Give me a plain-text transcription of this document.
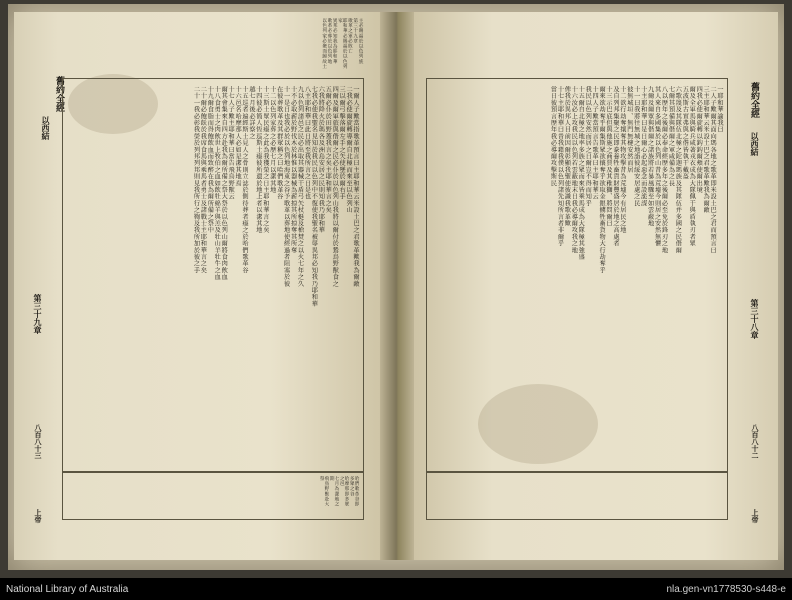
主必賜福於以色列族
第三十九章
歌革之軍必敗亡
耶和華必賜福於以色列家
異邦必知我為耶和華
歌革必葬於以色列地
以色列家必聚而歸故土
舊約全經
以西結
第三十九章
八百八十三
上帝
一爾人子歟當指歌革預言曰主耶和華云米設土巴之君歌革歟我為爾敵
二我必使爾旋轉導爾自北極而來至以色列山
三以爾弓擊落爾左手之矢使墜於爾右手
四爾及爾軍旅與偕爾之民必仆於以色列山我將以爾付於鷙鳥野獸食之
五爾必仆於田野蓋我言之矣主耶和華言之矣
六我將降火於瑪各及洲島安居之民則知我乃耶和華
七我必使我聖名見知於我民以色列中不復使我聖名被辱異邦必知我乃耶和華
八主耶和華曰此日將至我所言之日是也
九以色列諸邑之民必出取其器械干盾弓矢杖梃及槍焚之以火七年之久
十不必取薪於野伐木於林惟以器械為薪掠其所掠奪其所奪
十一是日也我必於以色列地海東之谷予歌革以葬地使經過者阻塞於彼
在彼葬歌革及其群眾稱之曰哈們歌革谷
十二以色列家葬之必歷七月以潔其地
十三斯土眾民瘞之此為我獲榮之日主耶和華言之矣
十四彼必簡人恆巡斯土瘞彼所遺於地上者以潔其地
越七月後必詳察之
十五巡者遍經斯土見人之骨則立誌於側待葬者瘞之於哈們歌革谷
十六邑名哈摩那人必如是潔其地焉
十七人子歟主耶和華曰當告飛鳥野獸云
爾其會集來自四方赴我為爾所備之祭大祭於以色列山爾將食肉飲血
十八食勇士之肉飲世上牧伯之血如飲牡綿羊與羔及牡山羊牡牛之血
十九爾食脂而得飽飲血而致醉在我為爾所備之祭中
二十爾必飽飫於我席食馬與乘馬者勇士及諸戰士主耶和華言之矣
二十一我必彰我榮於列邦列邦則見我所行之鞫及我所加於彼之手
哈們歌革谷即多眾之谷
哈摩那即多眾之邑
七月為潔地之期
飛鳥野獸赴大祭
一耶和華諭我曰
二人子歟爾其面向瑪各地之歌革即米設土巴之君而預言曰
三主耶和華云米設土巴之君歌革歟我為爾敵
四我必使爾旋轉以鈎鈎爾頰使爾出境
爾及全軍馬與騎兵咸著戎衣成為大隊佩干與盾執刃者眾
五波斯古實弗與之偕皆執干戴盔
六歌篾及其隊伍北極之陀迦瑪族及其隊伍并多國之民偕爾
七爾其預備與偕爾之軍咸備為之長
八以歷年之後爾必奉命經歷多年之後爾必至免於鋒刃之地
其人來自多國集於以色列山昔為荒墟今則居之安然無懼
九爾及爾眾與偕爾之諸族將若暴風驟至如雲蔽地
十主耶和華曰是日爾心必起惡念而設詭謀
十一曰我將往無城之地詣彼綏安居處之民
彼無城垣、無門無楗安然而居
十二欲行劫奪攘奪其物攻擊昔為荒墟今有居民之地
及自列邦集聚之民即豢養牲畜貨財豐盛居於地之高處者
十三示巴底但與他施之商賈及其稚獅、將問爾曰
爾來欲劫奪乎爾集斯眾欲攘奪乎欲取金銀擄牲畜貨物大行劫奪乎
十四人子歟當預言告歌革曰主耶和華云
我民以色列安然而居之日爾豈不得而知乎
十五爾自北極之地率多族之眾而來皆乘馬成為大隊極其強盛
十六汝必上攻我民以色列若雲蔽地末日我必導爾攻我之地
俾我於異邦人目前因爾彰顯我聖使彼識我歌革歟
十七主耶和華曰昔我藉我僕以色列諸先知所言者非爾乎
當日彼預言歷年我必導爾攻擊斯民	舊約全經
以西結
第三十八章
八百八十二
上帝
National Library of Australia	nla.gen-vn1778530-s448-e
